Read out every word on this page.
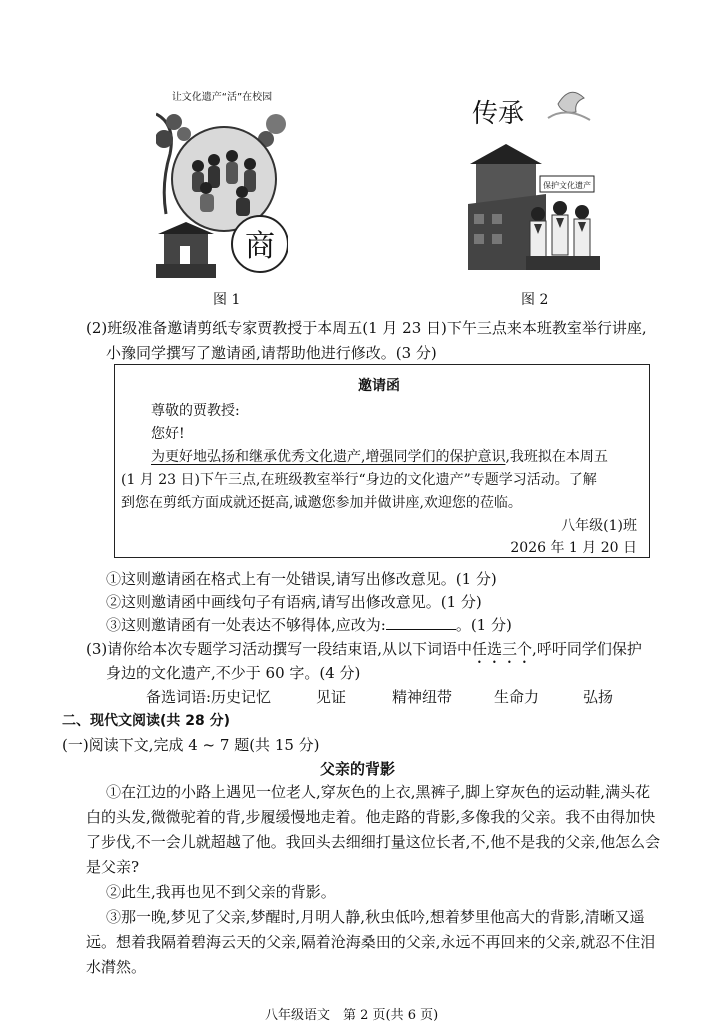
让文化遗产“活”在校园
商
图 1
传承
保护文化遗产
图 2
(2)班级准备邀请剪纸专家贾教授于本周五(1 月 23 日)下午三点来本班教室举行讲座,
小豫同学撰写了邀请函,请帮助他进行修改。(3 分)
邀请函
尊敬的贾教授:
您好!
为更好地弘扬和继承优秀文化遗产,增强同学们的保护意识,我班拟在本周五
(1 月 23 日)下午三点,在班级教室举行“身边的文化遗产”专题学习活动。了解
到您在剪纸方面成就还挺高,诚邀您参加并做讲座,欢迎您的莅临。
八年级(1)班
2026 年 1 月 20 日
①这则邀请函在格式上有一处错误,请写出修改意见。(1 分)
②这则邀请函中画线句子有语病,请写出修改意见。(1 分)
③这则邀请函有一处表达不够得体,应改为:	。(1 分)
(3)请你给本次专题学习活动撰写一段结束语,从以下词语中任选三个,呼吁同学们保护
身边的文化遗产,不少于 60 字。(4 分)
备选词语:历史记忆	见证	精神纽带	生命力	弘扬
二、现代文阅读(共 28 分)
(一)阅读下文,完成 4 ~ 7 题(共 15 分)
父亲的背影
①在江边的小路上遇见一位老人,穿灰色的上衣,黑裤子,脚上穿灰色的运动鞋,满头花
白的头发,微微驼着的背,步履缓慢地走着。他走路的背影,多像我的父亲。我不由得加快
了步伐,不一会儿就超越了他。我回头去细细打量这位长者,不,他不是我的父亲,他怎么会
是父亲?
②此生,我再也见不到父亲的背影。
③那一晚,梦见了父亲,梦醒时,月明人静,秋虫低吟,想着梦里他高大的背影,清晰又遥
远。想着我隔着碧海云天的父亲,隔着沧海桑田的父亲,永远不再回来的父亲,就忍不住泪
水潸然。
八年级语文　第 2 页(共 6 页)
